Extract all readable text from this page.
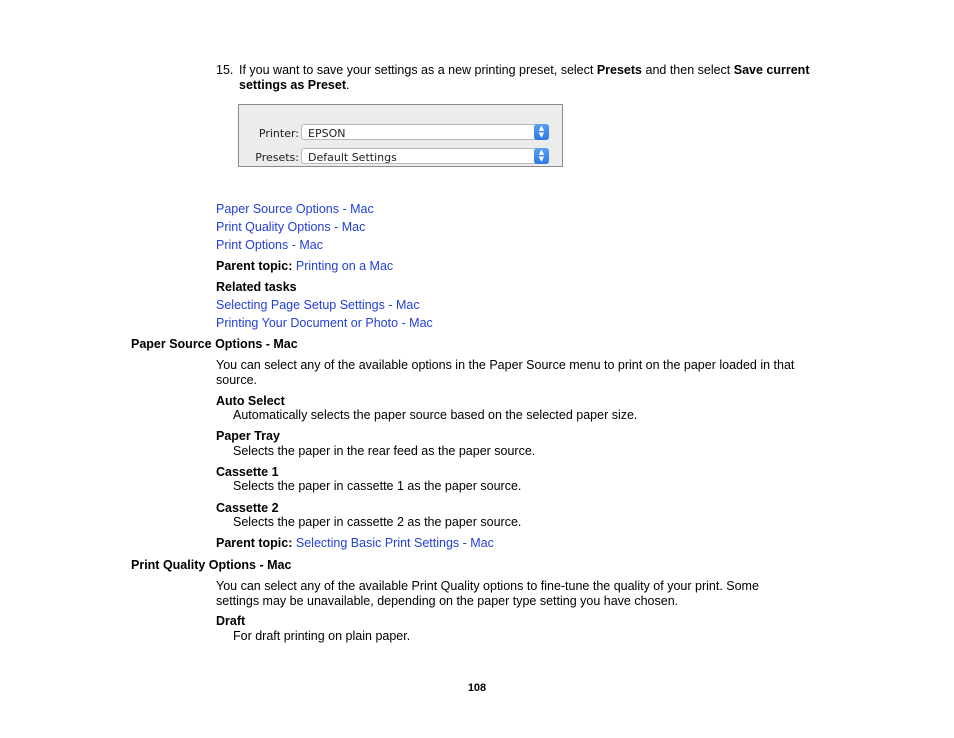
15. If you want to save your settings as a new printing preset, select Presets and then select Save current settings as Preset.
Printer: EPSON	▲
▼
Presets: Default Settings	▲
▼
Paper Source Options - Mac
Print Quality Options - Mac
Print Options - Mac
Parent topic: Printing on a Mac
Related tasks
Selecting Page Setup Settings - Mac
Printing Your Document or Photo - Mac
Paper Source Options - Mac
You can select any of the available options in the Paper Source menu to print on the paper loaded in that source.
Auto Select
Automatically selects the paper source based on the selected paper size.
Paper Tray
Selects the paper in the rear feed as the paper source.
Cassette 1
Selects the paper in cassette 1 as the paper source.
Cassette 2
Selects the paper in cassette 2 as the paper source.
Parent topic: Selecting Basic Print Settings - Mac
Print Quality Options - Mac
You can select any of the available Print Quality options to fine-tune the quality of your print. Some settings may be unavailable, depending on the paper type setting you have chosen.
Draft
For draft printing on plain paper.
108
